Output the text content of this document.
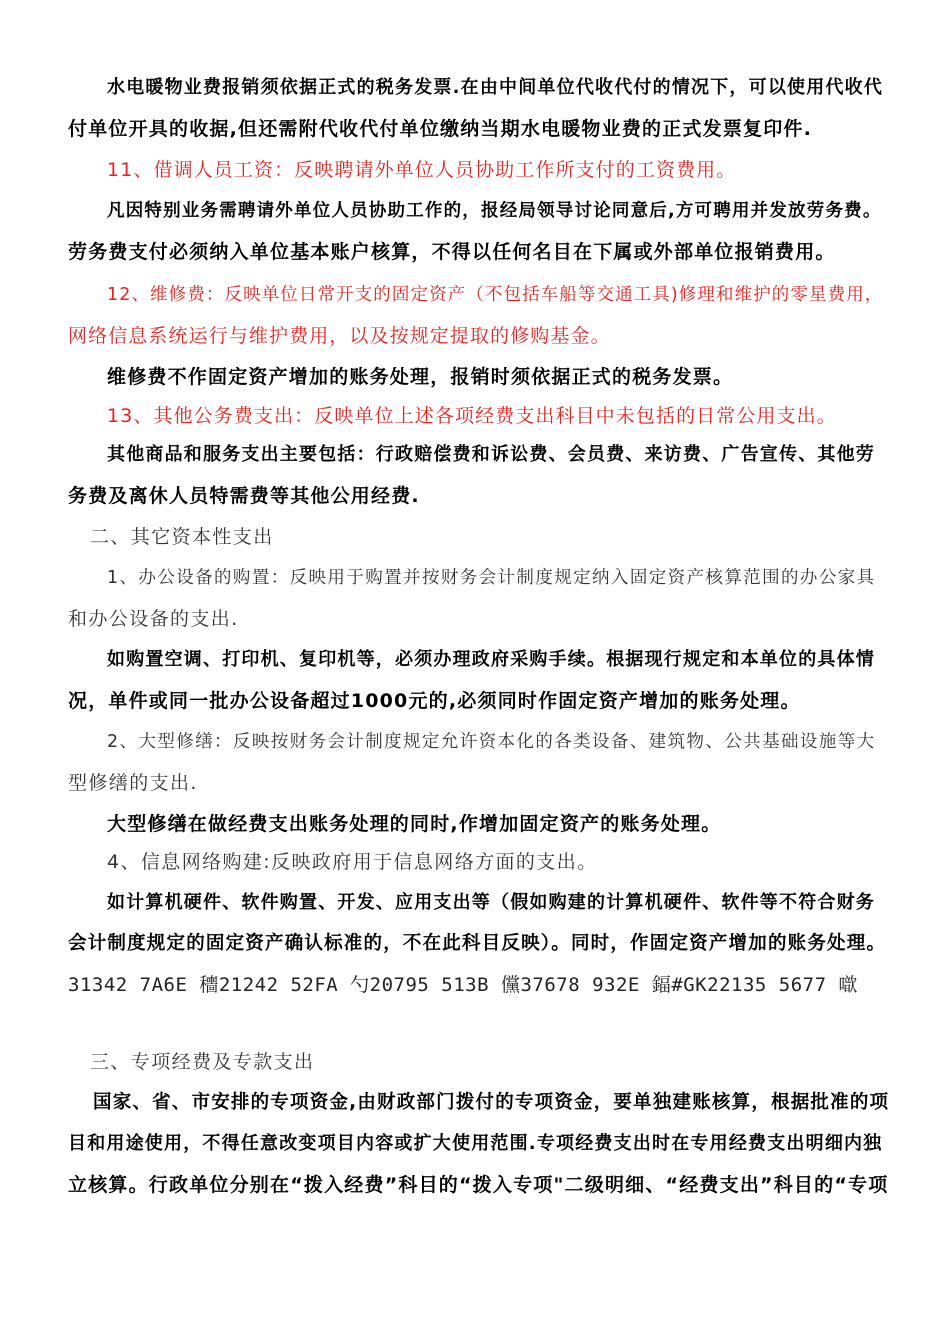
水电暖物业费报销须依据正式的税务发票.在由中间单位代收代付的情况下，可以使用代收代
付单位开具的收据,但还需附代收代付单位缴纳当期水电暖物业费的正式发票复印件.
11、借调人员工资：反映聘请外单位人员协助工作所支付的工资费用。
凡因特别业务需聘请外单位人员协助工作的，报经局领导讨论同意后,方可聘用并发放劳务费。
劳务费支付必须纳入单位基本账户核算，不得以任何名目在下属或外部单位报销费用。
12、维修费：反映单位日常开支的固定资产（不包括车船等交通工具)修理和维护的零星费用，
网络信息系统运行与维护费用，以及按规定提取的修购基金。
维修费不作固定资产增加的账务处理，报销时须依据正式的税务发票。
13、其他公务费支出：反映单位上述各项经费支出科目中未包括的日常公用支出。
其他商品和服务支出主要包括：行政赔偿费和诉讼费、会员费、来访费、广告宣传、其他劳
务费及离休人员特需费等其他公用经费.
二、其它资本性支出
1、办公设备的购置：反映用于购置并按财务会计制度规定纳入固定资产核算范围的办公家具
和办公设备的支出.
如购置空调、打印机、复印机等，必须办理政府采购手续。根据现行规定和本单位的具体情
况，单件或同一批办公设备超过1000元的,必须同时作固定资产增加的账务处理。
2、大型修缮：反映按财务会计制度规定允许资本化的各类设备、建筑物、公共基础设施等大
型修缮的支出.
大型修缮在做经费支出账务处理的同时,作增加固定资产的账务处理。
4、信息网络购建:反映政府用于信息网络方面的支出。
如计算机硬件、软件购置、开发、应用支出等（假如购建的计算机硬件、软件等不符合财务
会计制度规定的固定资产确认标准的，不在此科目反映）。同时，作固定资产增加的账务处理。
31342 7A6E 穯21242 52FA 勺20795 513B 儻37678 932E 鍢#GK22135 5677 噷
三、专项经费及专款支出
国家、省、市安排的专项资金,由财政部门拨付的专项资金，要单独建账核算，根据批准的项
目和用途使用，不得任意改变项目内容或扩大使用范围.专项经费支出时在专用经费支出明细内独
立核算。行政单位分别在“拨入经费”科目的“拨入专项"二级明细、“经费支出”科目的“专项
